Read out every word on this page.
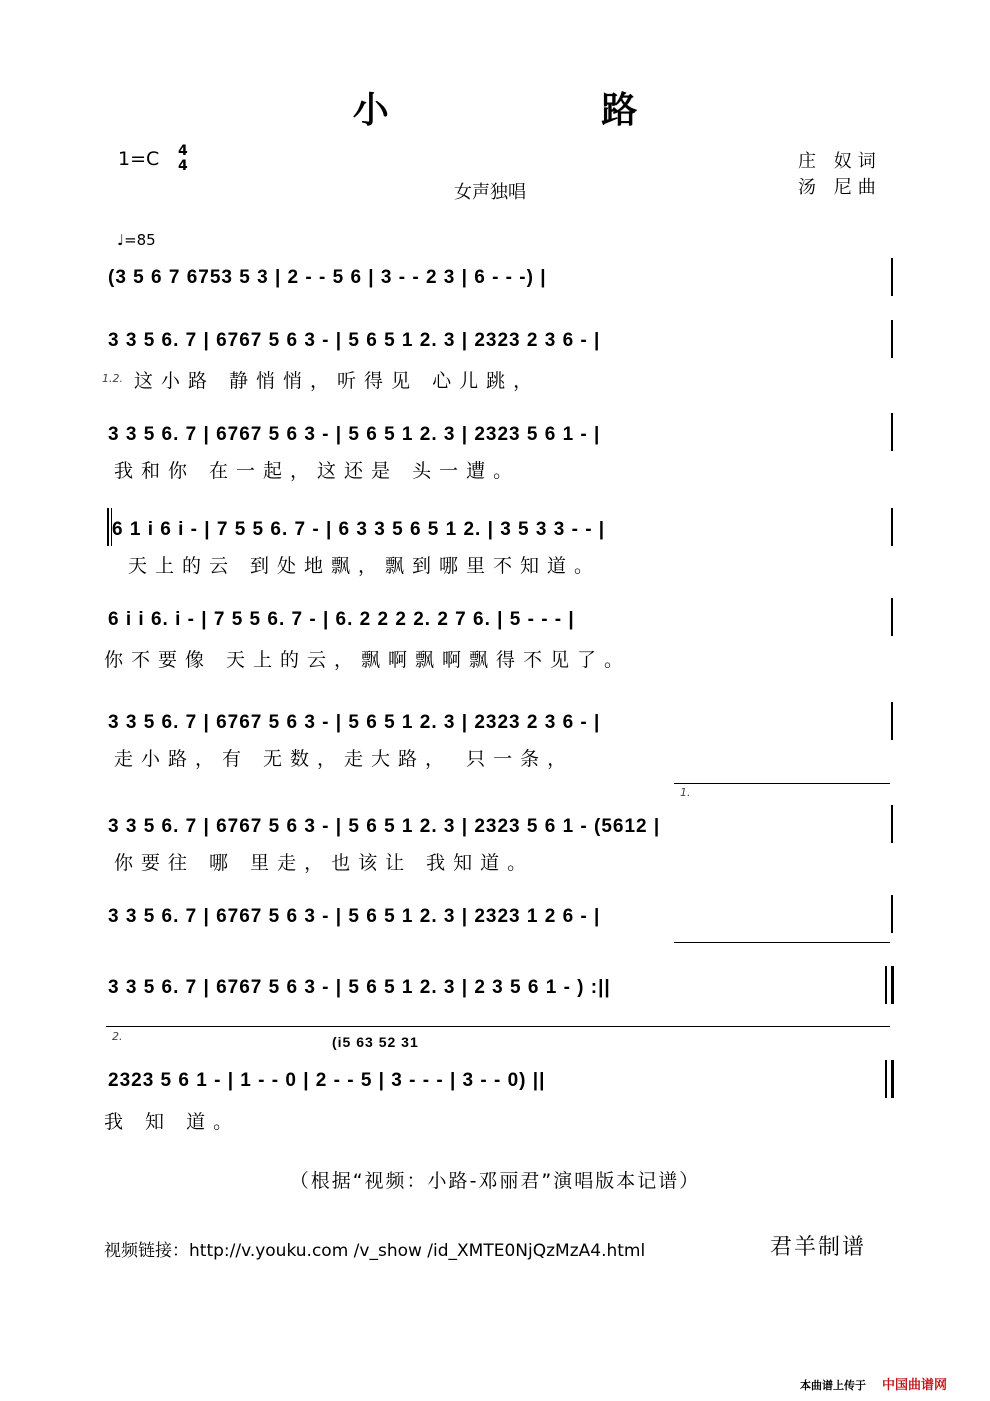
小 路
1=C 4
4
女声独唱
庄 奴词
汤 尼曲
♩=85
(3 5 6 7 6753 5 3 | 2 - - 5 6 | 3 - - 2 3 | 6 - - -) |
1.2.
3 3 5 6. 7 | 6767 5 6 3 - | 5 6 5 1 2. 3 | 2323 2 3 6 - |
这小路 静悄悄，听得见 心儿跳，
3 3 5 6. 7 | 6767 5 6 3 - | 5 6 5 1 2. 3 | 2323 5 6 1 - |
我和你 在一起，这还是 头一遭。
6 1 i 6 i - | 7 5 5 6. 7 - | 6 3 3 5 6 5 1 2. | 3 5 3 3 - - |
天上的云 到处地飘，飘到哪里不知道。
6 i i 6. i - | 7 5 5 6. 7 - | 6. 2 2 2 2. 2 7 6. | 5 - - - |
你不要像 天上的云，飘啊飘啊飘得不见了。
3 3 5 6. 7 | 6767 5 6 3 - | 5 6 5 1 2. 3 | 2323 2 3 6 - |
走小路，有 无数，走大路， 只一条，
1.
3 3 5 6. 7 | 6767 5 6 3 - | 5 6 5 1 2. 3 | 2323 5 6 1 - (5612 |
你要往 哪 里走，也该让 我知道。
3 3 5 6. 7 | 6767 5 6 3 - | 5 6 5 1 2. 3 | 2323 1 2 6 - |
3 3 5 6. 7 | 6767 5 6 3 - | 5 6 5 1 2. 3 | 2 3 5 6 1 - ) :||
2.	(i5 63 52 31
2323 5 6 1 - | 1 - - 0 | 2 - - 5 | 3 - - - | 3 - - 0) ||
我 知 道。
（根据“视频：小路-邓丽君”演唱版本记谱）
视频链接：http://v.youku.com /v_show /id_XMTE0NjQzMzA4.html	君羊制谱
本曲谱上传于 中国曲谱网
